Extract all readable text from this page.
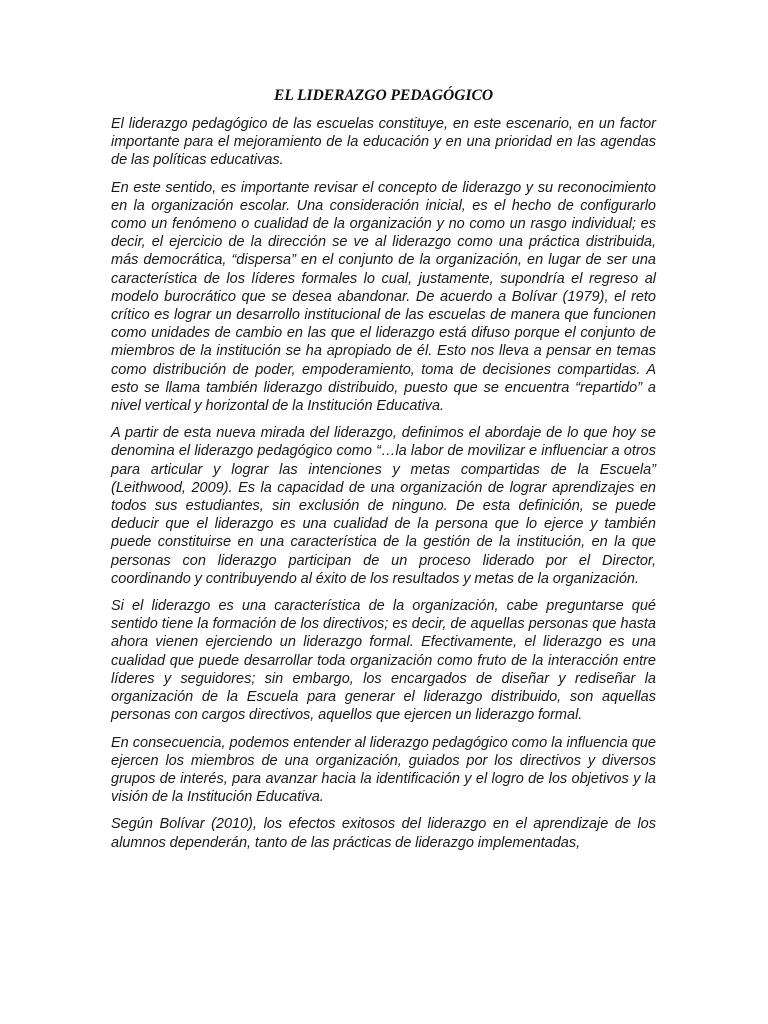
EL LIDERAZGO PEDAGÓGICO

El liderazgo pedagógico de las escuelas constituye, en este escenario, en un factor importante para el mejoramiento de la educación y en una prioridad en las agendas de las políticas educativas.

En este sentido, es importante revisar el concepto de liderazgo y su reconocimiento en la organización escolar. Una consideración inicial, es el hecho de configurarlo como un fenómeno o cualidad de la organización y no como un rasgo individual; es decir, el ejercicio de la dirección se ve al liderazgo como una práctica distribuida, más democrática, “dispersa” en el conjunto de la organización, en lugar de ser una característica de los líderes formales lo cual, justamente, supondría el regreso al modelo burocrático que se desea abandonar. De acuerdo a Bolívar (1979), el reto crítico es lograr un desarrollo institucional de las escuelas de manera que funcionen como unidades de cambio en las que el liderazgo está difuso porque el conjunto de miembros de la institución se ha apropiado de él. Esto nos lleva a pensar en temas como distribución de poder, empoderamiento, toma de decisiones compartidas. A esto se llama también liderazgo distribuido, puesto que se encuentra “repartido” a nivel vertical y horizontal de la Institución Educativa.

A partir de esta nueva mirada del liderazgo, definimos el abordaje de lo que hoy se denomina el liderazgo pedagógico como “…la labor de movilizar e influenciar a otros para articular y lograr las intenciones y metas compartidas de la Escuela” (Leithwood, 2009). Es la capacidad de una organización de lograr aprendizajes en todos sus estudiantes, sin exclusión de ninguno. De esta definición, se puede deducir que el liderazgo es una cualidad de la persona que lo ejerce y también puede constituirse en una característica de la gestión de la institución, en la que personas con liderazgo participan de un proceso liderado por el Director, coordinando y contribuyendo al éxito de los resultados y metas de la organización.

Si el liderazgo es una característica de la organización, cabe preguntarse qué sentido tiene la formación de los directivos; es decir, de aquellas personas que hasta ahora vienen ejerciendo un liderazgo formal. Efectivamente, el liderazgo es una cualidad que puede desarrollar toda organización como fruto de la interacción entre líderes y seguidores; sin embargo, los encargados de diseñar y rediseñar la organización de la Escuela para generar el liderazgo distribuido, son aquellas personas con cargos directivos, aquellos que ejercen un liderazgo formal.

En consecuencia, podemos entender al liderazgo pedagógico como la influencia que ejercen los miembros de una organización, guiados por los directivos y diversos grupos de interés, para avanzar hacia la identificación y el logro de los objetivos y la visión de la Institución Educativa.

Según Bolívar (2010), los efectos exitosos del liderazgo en el aprendizaje de los alumnos dependerán, tanto de las prácticas de liderazgo implementadas,
